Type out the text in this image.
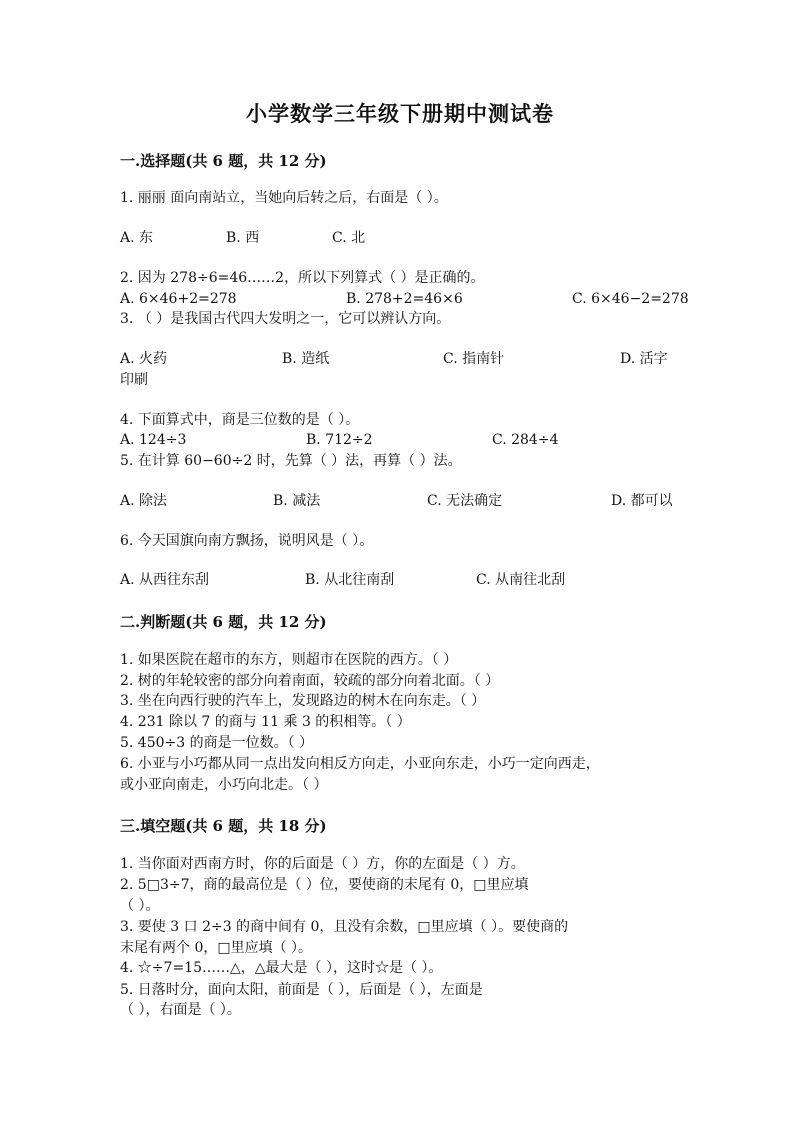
小学数学三年级下册期中测试卷
一.选择题(共 6 题，共 12 分)
1. 丽丽 面向南站立，当她向后转之后，右面是（ ）。
A. 东	B. 西	C. 北
2. 因为 278÷6=46……2，所以下列算式（ ）是正确的。
A. 6×46+2=278	B. 278+2=46×6	C. 6×46−2=278
3. （ ）是我国古代四大发明之一，它可以辨认方向。
A. 火药	B. 造纸	C. 指南针	D. 活字
印刷
4. 下面算式中，商是三位数的是（ ）。
A. 124÷3	B. 712÷2	C. 284÷4
5. 在计算 60−60÷2 时，先算（ ）法，再算（ ）法。
A. 除法	B. 减法	C. 无法确定	D. 都可以
6. 今天国旗向南方飘扬，说明风是（ ）。
A. 从西往东刮	B. 从北往南刮	C. 从南往北刮
二.判断题(共 6 题，共 12 分)
1. 如果医院在超市的东方，则超市在医院的西方。（ ）
2. 树的年轮较密的部分向着南面，较疏的部分向着北面。（ ）
3. 坐在向西行驶的汽车上，发现路边的树木在向东走。（ ）
4. 231 除以 7 的商与 11 乘 3 的积相等。（ ）
5. 450÷3 的商是一位数。（ ）
6. 小亚与小巧都从同一点出发向相反方向走，小亚向东走，小巧一定向西走，
或小亚向南走，小巧向北走。（ ）
三.填空题(共 6 题，共 18 分)
1. 当你面对西南方时，你的后面是（ ）方，你的左面是（ ）方。
2. 5□3÷7，商的最高位是（ ）位，要使商的末尾有 0，□里应填
（ ）。
3. 要使 3 口 2÷3 的商中间有 0，且没有余数，□里应填（ ）。要使商的
末尾有两个 0，□里应填（ ）。
4. ☆÷7=15……△，△最大是（ ），这时☆是（ ）。
5. 日落时分，面向太阳，前面是（ ），后面是（ ），左面是
（ ），右面是（ ）。
